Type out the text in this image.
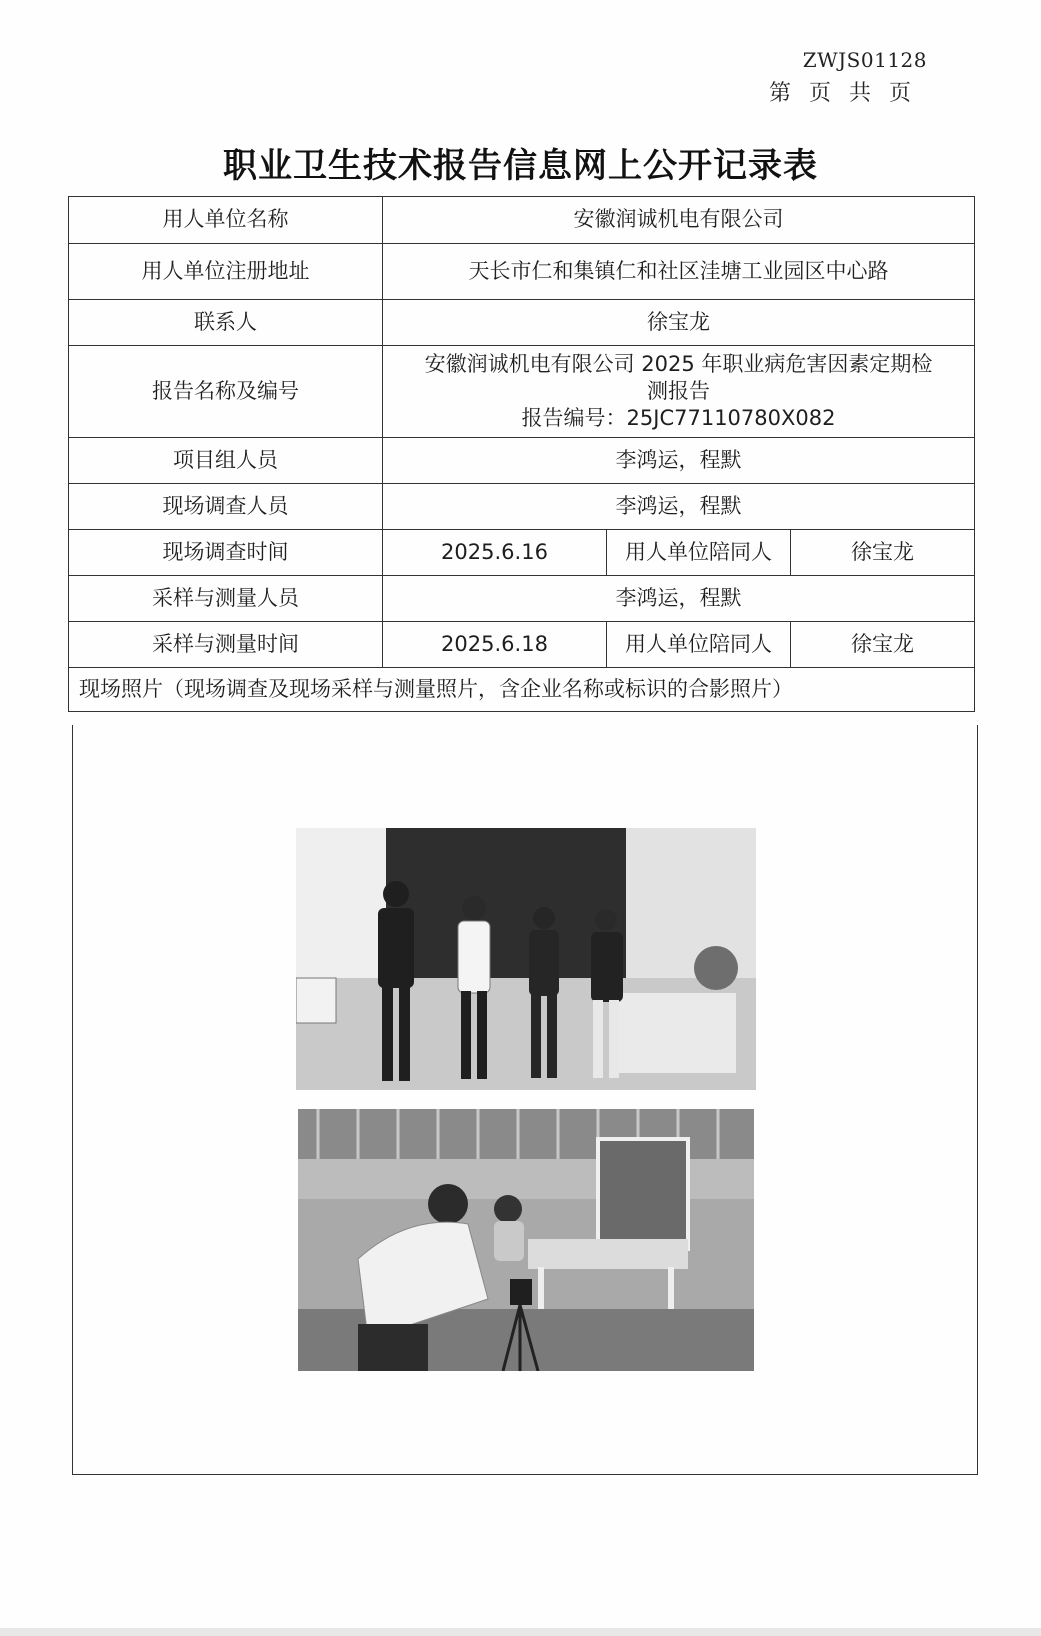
ZWJS01128
第页共页
职业卫生技术报告信息网上公开记录表
用人单位名称	安徽润诚机电有限公司		
用人单位注册地址	天长市仁和集镇仁和社区洼塘工业园区中心路		
联系人	徐宝龙		
报告名称及编号	安徽润诚机电有限公司 2025 年职业病危害因素定期检
测报告
报告编号：25JC77110780X082		

项目组人员	李鸿运，程默		
现场调查人员	李鸿运，程默		
现场调查时间	2025.6.16	用人单位陪同人	徐宝龙
采样与测量人员	李鸿运，程默		
采样与测量时间	2025.6.18	用人单位陪同人	徐宝龙
现场照片（现场调查及现场采样与测量照片，含企业名称或标识的合影照片）			
